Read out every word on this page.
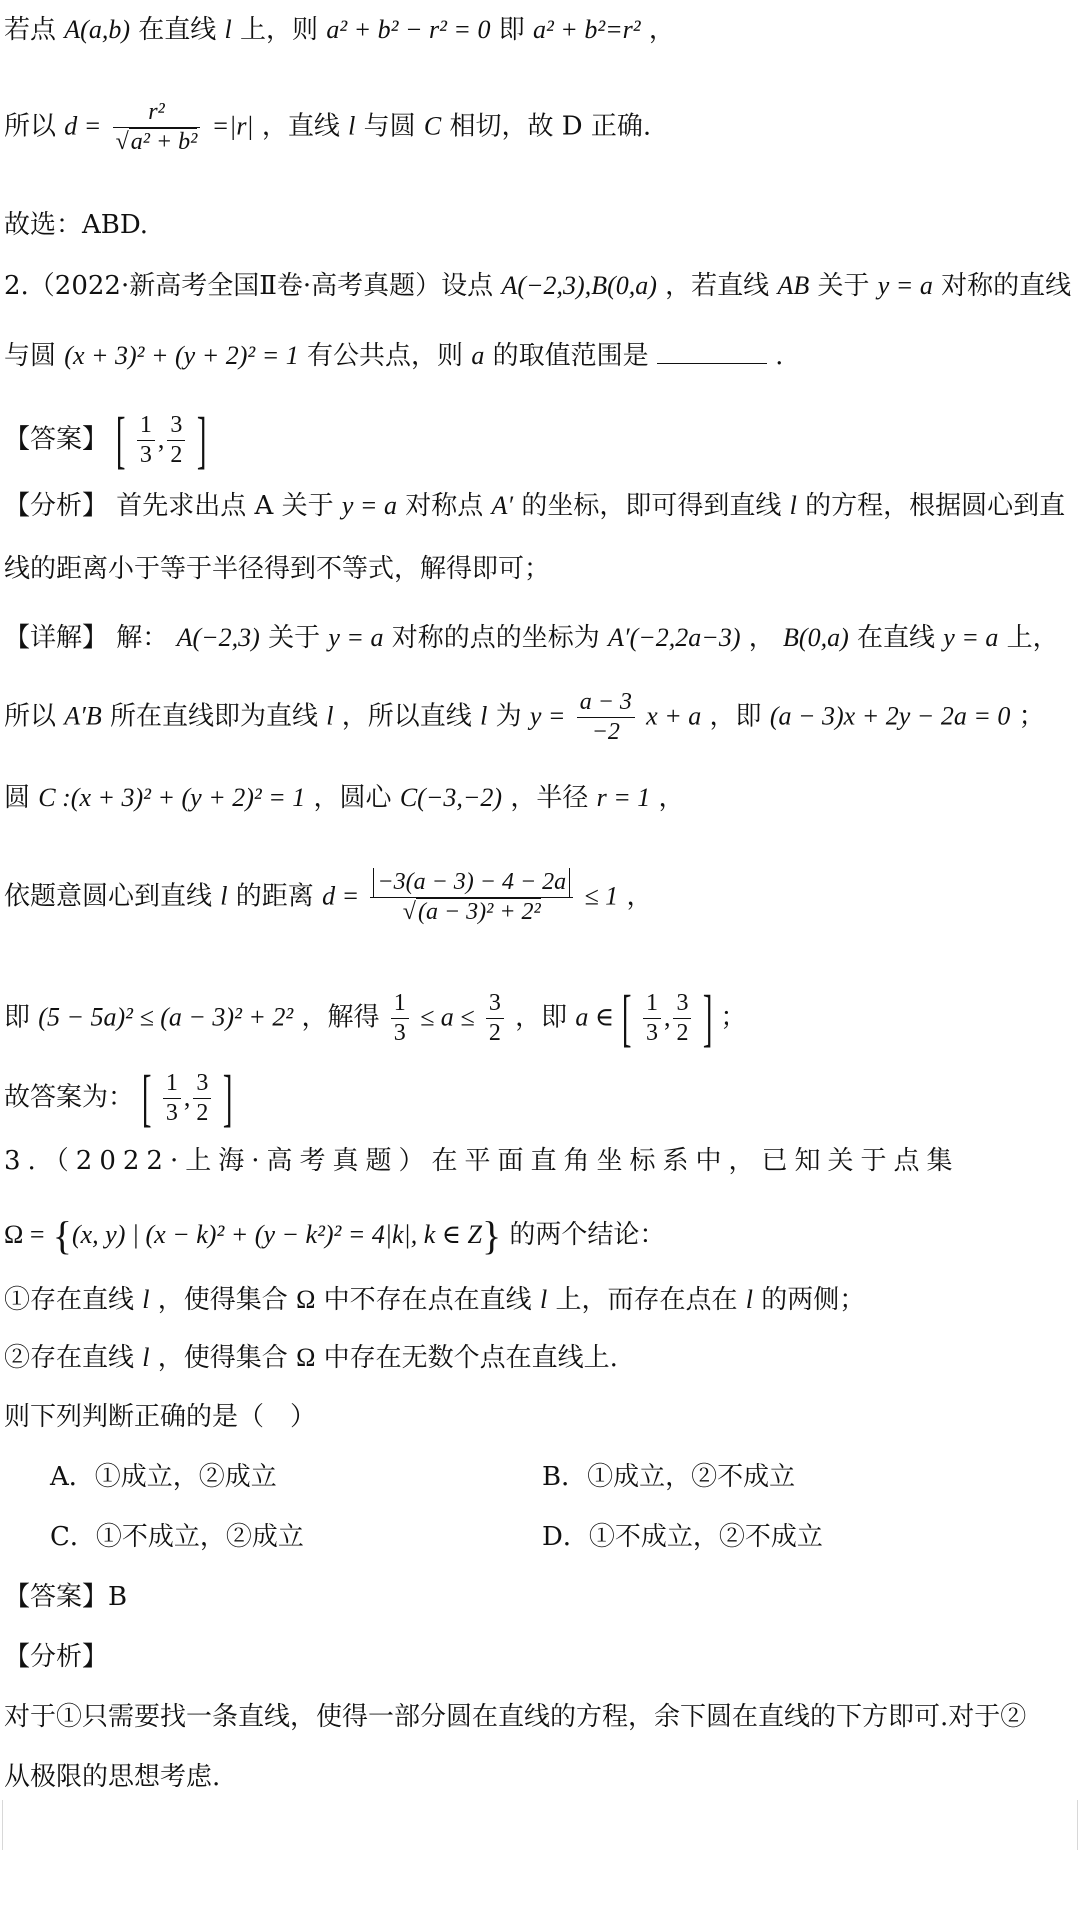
若点 A(a,b) 在直线 l 上，则 a² + b² − r² = 0 即 a² + b²=r² ，
所以 $d = \frac{\text{r²}}{\text{√a² + b²}} =|r|$ ，直线 l 与圆 C 相切，故 D 正确.
故选：ABD.
2.（2022·新高考全国Ⅱ卷·高考真题）设点 A(−2,3),B(0,a) ，若直线 AB 关于 y = a 对称的直线
与圆 (x + 3)² + (y + 2)² = 1 有公共点，则 a 的取值范围是	.
【答案】 [ $\frac{1}{3}$ , $\frac{3}{2}$ ]
【分析】 首先求出点 A 关于 y = a 对称点 A′ 的坐标，即可得到直线 l 的方程，根据圆心到直
线的距离小于等于半径得到不等式，解得即可；
【详解】 解： A(−2,3) 关于 y = a 对称的点的坐标为 A′(−2,2a−3) ， B(0,a) 在直线 y = a 上，
所以 A′B 所在直线即为直线 l ，所以直线 l 为 $y = \frac{a - 3}{-2}$ x + a ，即 (a − 3)x + 2y − 2a = 0 ；
圆 C :(x + 3)² + (y + 2)² = 1 ，圆心 C(−3,−2) ，半径 r = 1 ，
依题意圆心到直线 l 的距离 $d = \frac{-3(a - 3) - 4 - 2a}{\text{√(a − 3)² + 2²}} \le 1$ ，
即 (5 − 5a)² ≤ (a − 3)² + 2² ，解得 $\frac{1}{3} \le a \le \frac{3}{2}$ ，即 a ∈ [ $\frac{1}{3}$ , $\frac{3}{2}$ ] ；
故答案为： [ $\frac{1}{3}$ , $\frac{3}{2}$ ]
3.（2022·上海·高考真题）在平面直角坐标系中，已知关于点集
Ω = {(x, y) | (x − k)² + (y − k²)² = 4|k|, k ∈ Z} 的两个结论：
①存在直线 l ，使得集合 Ω 中不存在点在直线 l 上，而存在点在 l 的两侧；
②存在直线 l ，使得集合 Ω 中存在无数个点在直线上.
则下列判断正确的是（　）
A．①成立，②成立	B．①成立，②不成立
C．①不成立，②成立	D．①不成立，②不成立
【答案】B
【分析】
对于①只需要找一条直线，使得一部分圆在直线的方程，余下圆在直线的下方即可.对于②
从极限的思想考虑.
